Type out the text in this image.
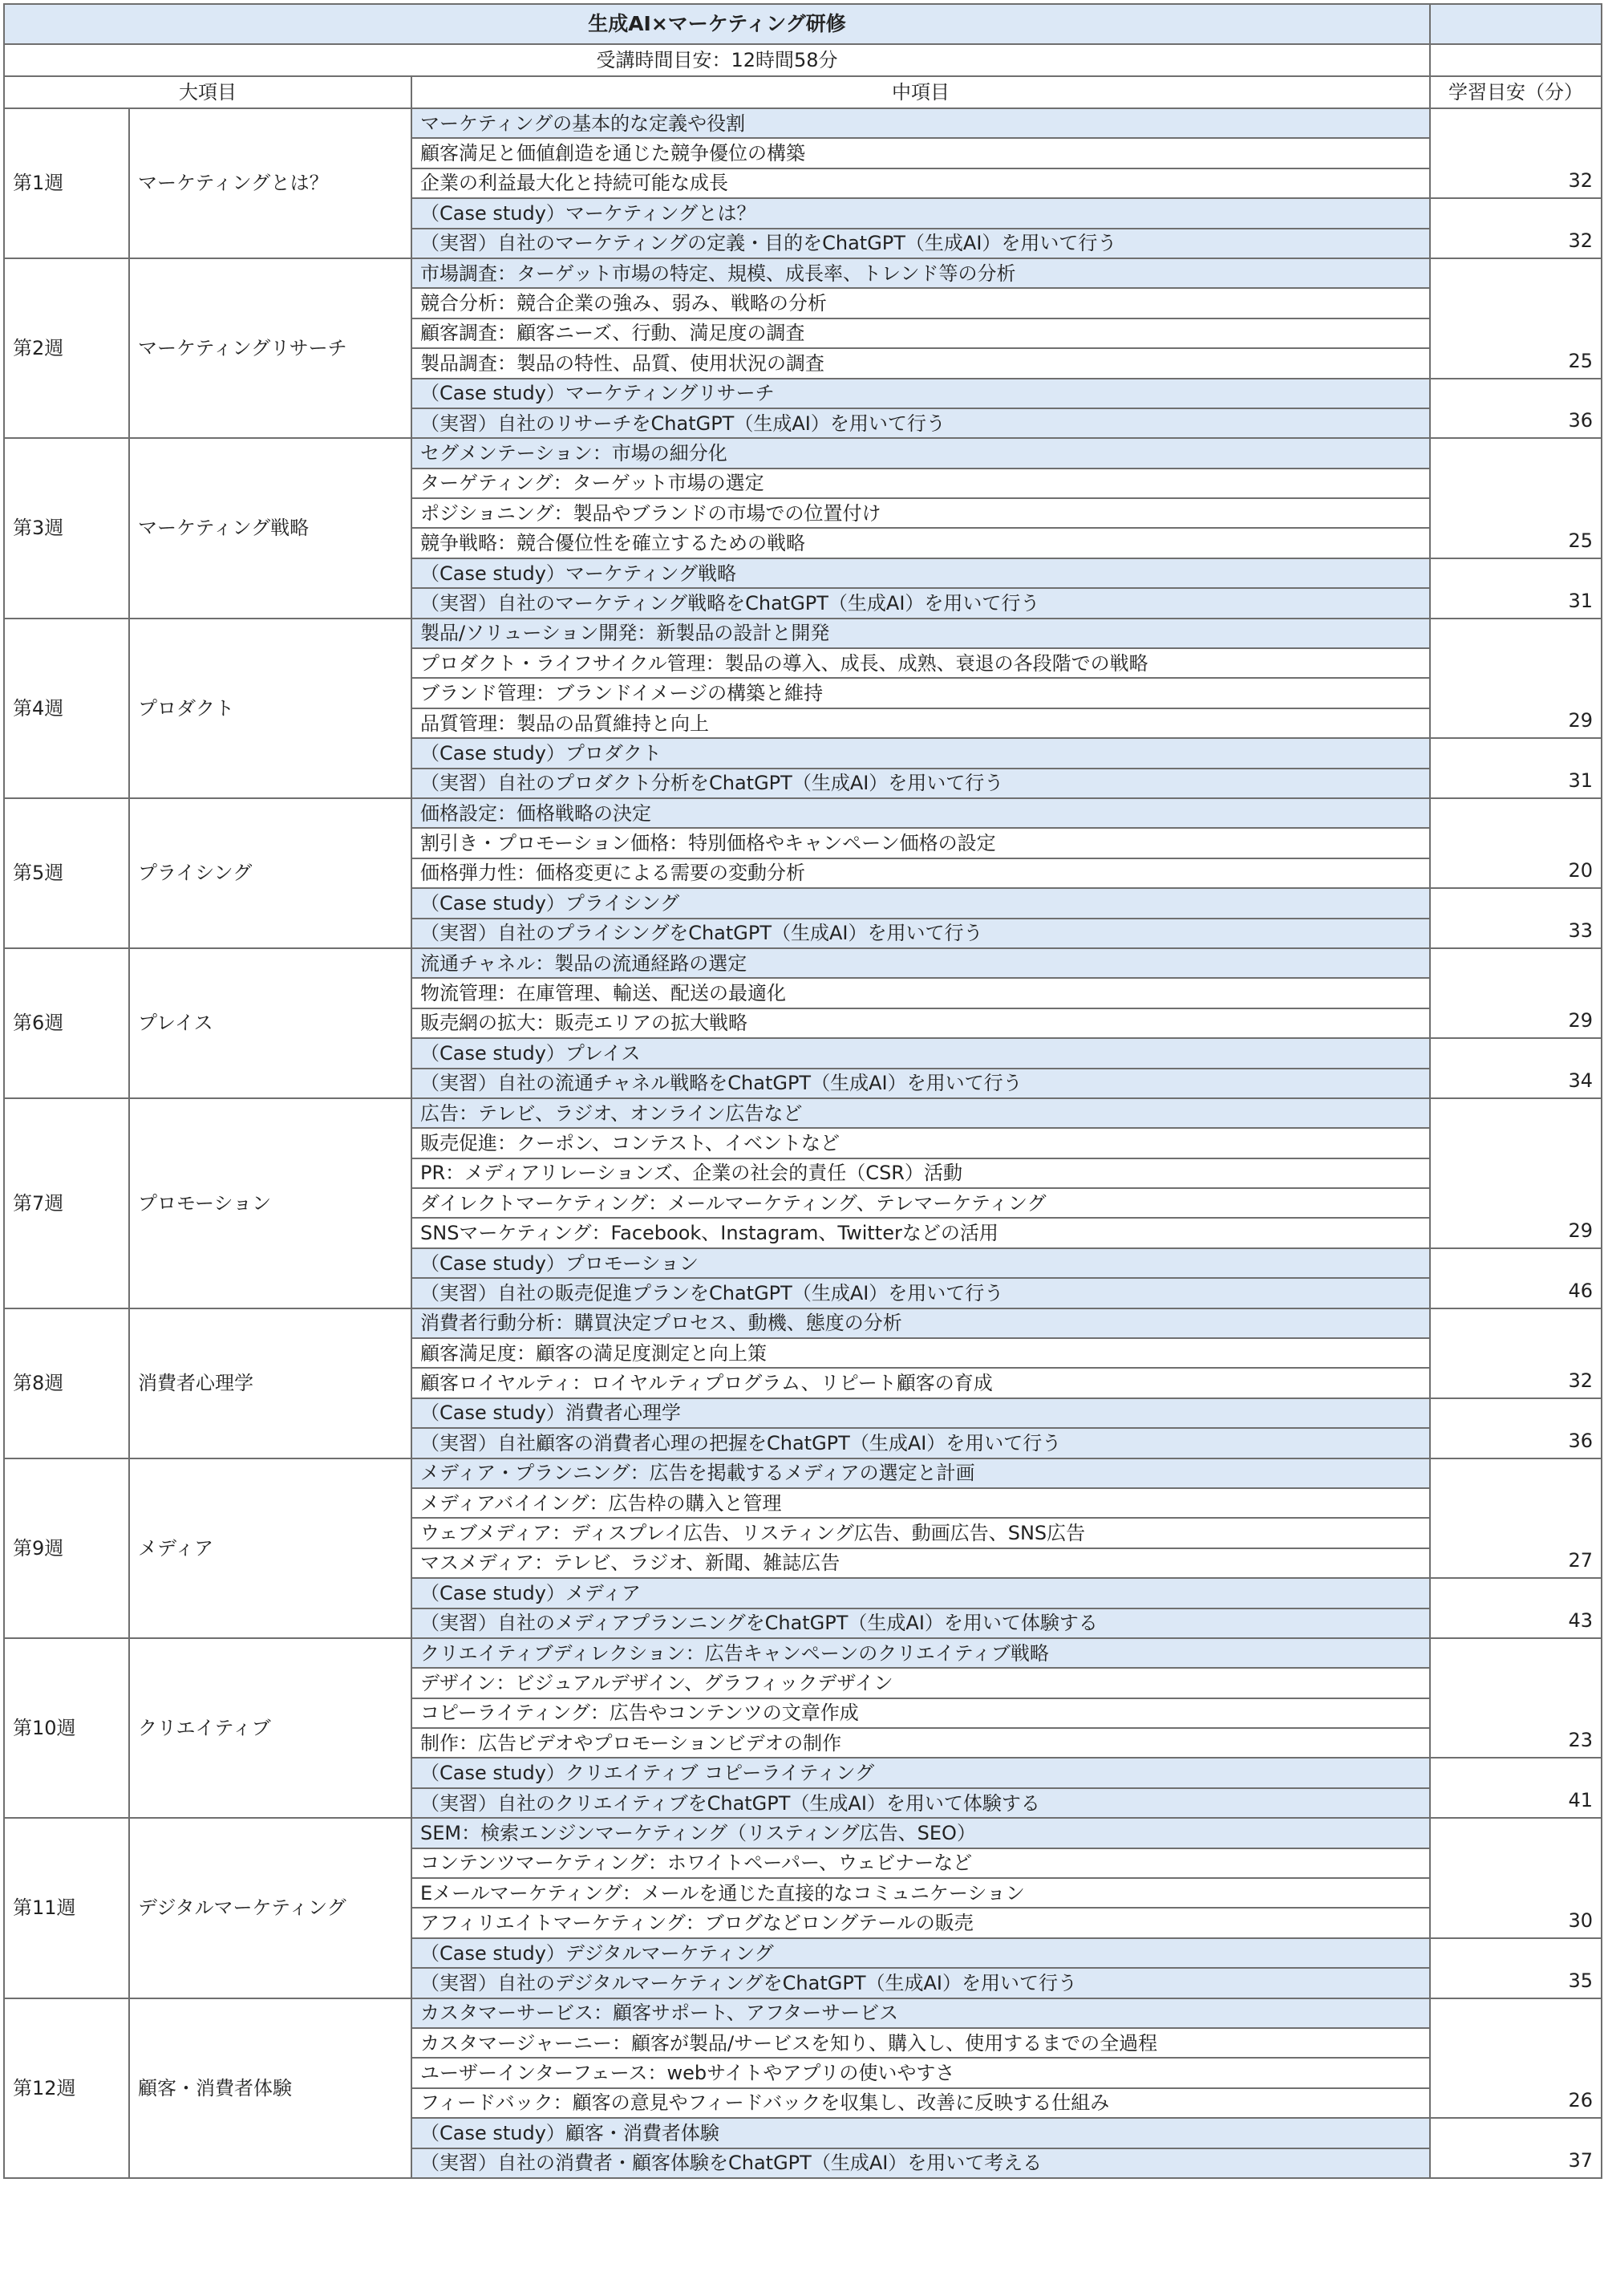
生成AI×マーケティング研修			
受講時間目安：12時間58分			
大項目		中項目	学習目安（分）
第1週	マーケティングとは？	マーケティングの基本的な定義や役割	32
		顧客満足と価値創造を通じた競争優位の構築	
		企業の利益最大化と持続可能な成長	
		（Case study）マーケティングとは？	32
		（実習）自社のマーケティングの定義・目的をChatGPT（生成AI）を用いて行う	
第2週	マーケティングリサーチ	市場調査：ターゲット市場の特定、規模、成長率、トレンド等の分析	25
		競合分析：競合企業の強み、弱み、戦略の分析	
		顧客調査：顧客ニーズ、行動、満足度の調査	
		製品調査：製品の特性、品質、使用状況の調査	
		（Case study）マーケティングリサーチ	36
		（実習）自社のリサーチをChatGPT（生成AI）を用いて行う	
第3週	マーケティング戦略	セグメンテーション：市場の細分化	25
		ターゲティング：ターゲット市場の選定	
		ポジショニング：製品やブランドの市場での位置付け	
		競争戦略：競合優位性を確立するための戦略	
		（Case study）マーケティング戦略	31
		（実習）自社のマーケティング戦略をChatGPT（生成AI）を用いて行う	
第4週	プロダクト	製品/ソリューション開発：新製品の設計と開発	29
		プロダクト・ライフサイクル管理：製品の導入、成長、成熟、衰退の各段階での戦略	
		ブランド管理：ブランドイメージの構築と維持	
		品質管理：製品の品質維持と向上	
		（Case study）プロダクト	31
		（実習）自社のプロダクト分析をChatGPT（生成AI）を用いて行う	
第5週	プライシング	価格設定：価格戦略の決定	20
		割引き・プロモーション価格：特別価格やキャンペーン価格の設定	
		価格弾力性：価格変更による需要の変動分析	
		（Case study）プライシング	33
		（実習）自社のプライシングをChatGPT（生成AI）を用いて行う	
第6週	プレイス	流通チャネル：製品の流通経路の選定	29
		物流管理：在庫管理、輸送、配送の最適化	
		販売網の拡大：販売エリアの拡大戦略	
		（Case study）プレイス	34
		（実習）自社の流通チャネル戦略をChatGPT（生成AI）を用いて行う	
第7週	プロモーション	広告：テレビ、ラジオ、オンライン広告など	29
		販売促進：クーポン、コンテスト、イベントなど	
		PR：メディアリレーションズ、企業の社会的責任（CSR）活動	
		ダイレクトマーケティング：メールマーケティング、テレマーケティング	
		SNSマーケティング：Facebook、Instagram、Twitterなどの活用	
		（Case study）プロモーション	46
		（実習）自社の販売促進プランをChatGPT（生成AI）を用いて行う	
第8週	消費者心理学	消費者行動分析：購買決定プロセス、動機、態度の分析	32
		顧客満足度：顧客の満足度測定と向上策	
		顧客ロイヤルティ：ロイヤルティプログラム、リピート顧客の育成	
		（Case study）消費者心理学	36
		（実習）自社顧客の消費者心理の把握をChatGPT（生成AI）を用いて行う	
第9週	メディア	メディア・プランニング：広告を掲載するメディアの選定と計画	27
		メディアバイイング：広告枠の購入と管理	
		ウェブメディア：ディスプレイ広告、リスティング広告、動画広告、SNS広告	
		マスメディア：テレビ、ラジオ、新聞、雑誌広告	
		（Case study）メディア	43
		（実習）自社のメディアプランニングをChatGPT（生成AI）を用いて体験する	
第10週	クリエイティブ	クリエイティブディレクション：広告キャンペーンのクリエイティブ戦略	23
		デザイン：ビジュアルデザイン、グラフィックデザイン	
		コピーライティング：広告やコンテンツの文章作成	
		制作：広告ビデオやプロモーションビデオの制作	
		（Case study）クリエイティブ コピーライティング	41
		（実習）自社のクリエイティブをChatGPT（生成AI）を用いて体験する	
第11週	デジタルマーケティング	SEM：検索エンジンマーケティング（リスティング広告、SEO）	30
		コンテンツマーケティング：ホワイトペーパー、ウェビナーなど	
		Eメールマーケティング：メールを通じた直接的なコミュニケーション	
		アフィリエイトマーケティング：ブログなどロングテールの販売	
		（Case study）デジタルマーケティング	35
		（実習）自社のデジタルマーケティングをChatGPT（生成AI）を用いて行う	
第12週	顧客・消費者体験	カスタマーサービス：顧客サポート、アフターサービス	26
		カスタマージャーニー：顧客が製品/サービスを知り、購入し、使用するまでの全過程	
		ユーザーインターフェース：webサイトやアプリの使いやすさ	
		フィードバック：顧客の意見やフィードバックを収集し、改善に反映する仕組み	
		（Case study）顧客・消費者体験	37
		（実習）自社の消費者・顧客体験をChatGPT（生成AI）を用いて考える	
